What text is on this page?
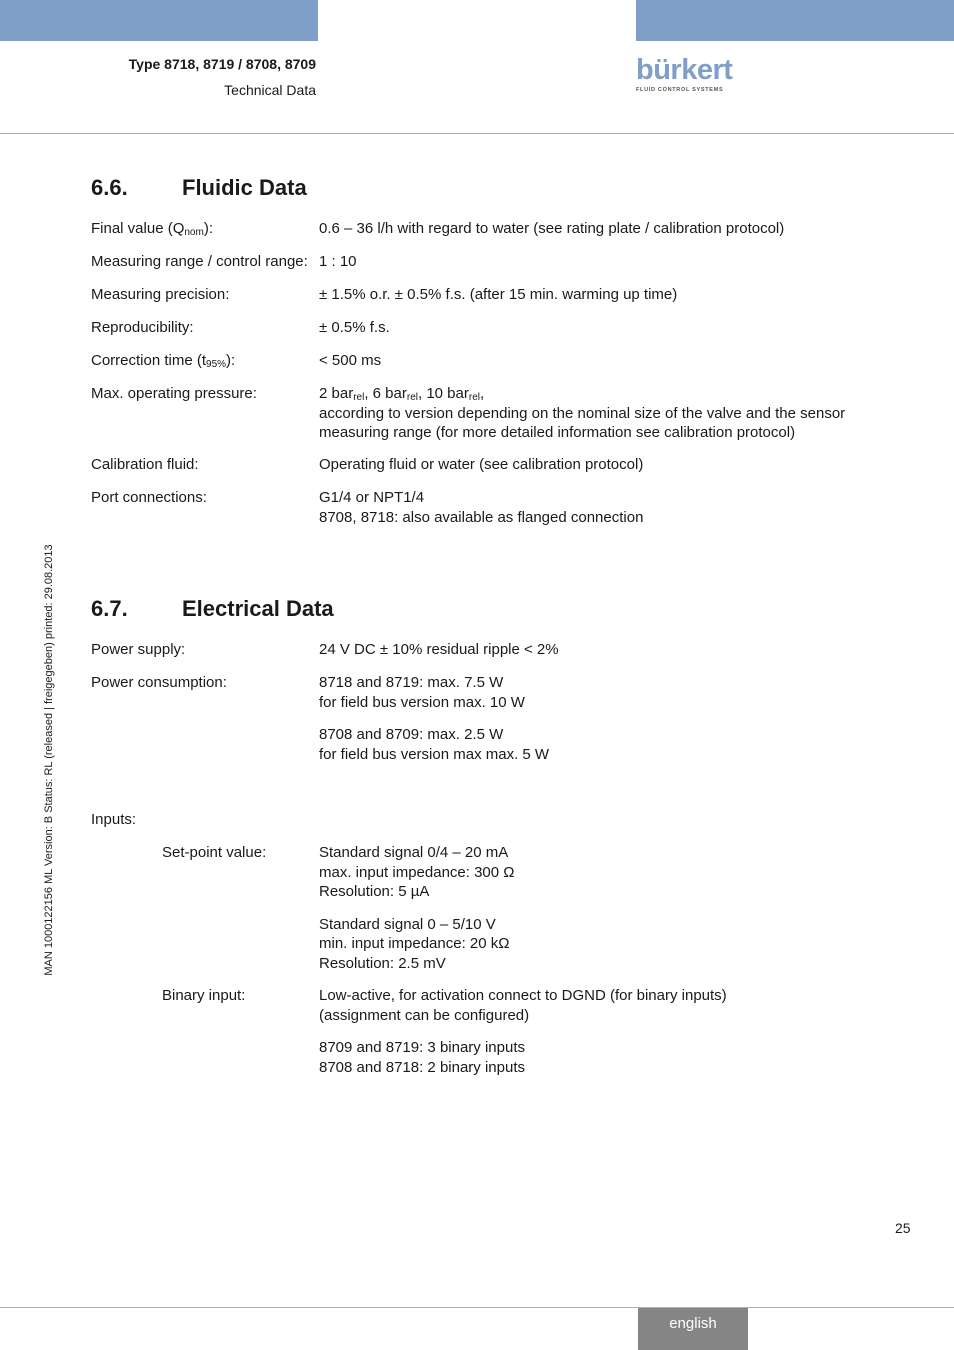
Type 8718, 8719 / 8708, 8709
Technical Data
bürkert
FLUID CONTROL SYSTEMS
MAN 1000122156 ML Version: B Status: RL (released | freigegeben) printed: 29.08.2013
6.6. Fluidic Data
Final value $(Q_{nom})$:	0.6 – 36 l/h with regard to water (see rating plate / calibration protocol)
Measuring range / control range: 1 : 10
Measuring precision:	± 1.5% o.r. ± 0.5% f.s. (after 15 min. warming up time)
Reproducibility:	± 0.5% f.s.
Correction time $(t_{95\%})$:	< 500 ms
Max. operating pressure:	2 bar$_{rel}$, 6 bar$_{rel}$, 10 bar$_{rel}$,
according to version depending on the nominal size of the valve and the sensor
measuring range (for more detailed information see calibration protocol)
Calibration fluid:	Operating fluid or water (see calibration protocol)
Port connections:	G1/4 or NPT1/4
8708, 8718: also available as flanged connection
6.7. Electrical Data
Power supply:	24 V DC ± 10% residual ripple < 2%
Power consumption:	8718 and 8719: max. 7.5 W
for field bus version max. 10 W
8708 and 8709: max. 2.5 W
for field bus version max max. 5 W
Inputs:
Set-point value:	Standard signal 0/4 – 20 mA
max. input impedance: 300 Ω
Resolution: 5 µA
Standard signal 0 – 5/10 V
min. input impedance: 20 kΩ
Resolution: 2.5 mV
Binary input:	Low-active, for activation connect to DGND (for binary inputs)
(assignment can be configured)
8709 and 8719: 3 binary inputs
8708 and 8718: 2 binary inputs
25
english
